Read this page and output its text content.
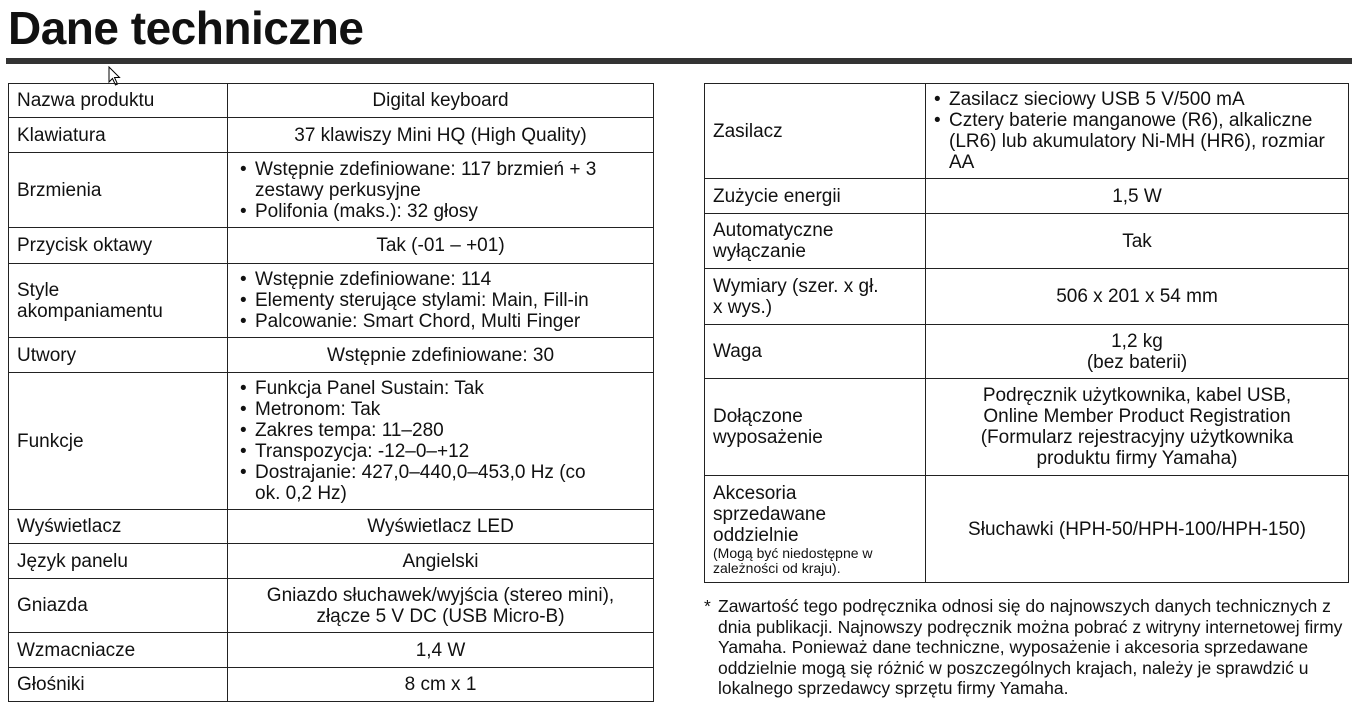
Dane techniczne
Nazwa produktu	Digital keyboard
Klawiatura	37 klawiszy Mini HQ (High Quality)
Brzmienia	• Wstępnie zdefiniowane: 117 brzmień + 3 zestawy perkusyjne
• Polifonia (maks.): 32 głosy

Przycisk oktawy	Tak (-01 – +01)

Style akompaniamentu	• Wstępnie zdefiniowane: 114
• Elementy sterujące stylami: Main, Fill-in
• Palcowanie: Smart Chord, Multi Finger

Utwory	Wstępnie zdefiniowane: 30
Funkcje	• Funkcja Panel Sustain: Tak
• Metronom: Tak
• Zakres tempa: 11–280
• Transpozycja: -12–0–+12
• Dostrajanie: 427,0–440,0–453,0 Hz (co ok. 0,2 Hz)

Wyświetlacz	Wyświetlacz LED
Język panelu	Angielski
Gniazda	Gniazdo słuchawek/wyjścia (stereo mini),
złącze 5 V DC (USB Micro-B)

Wzmacniacze	1,4 W
Głośniki	8 cm x 1
Zasilacz	• Zasilacz sieciowy USB 5 V/500 mA
• Cztery baterie manganowe (R6), alkaliczne (LR6) lub akumulatory Ni-MH (HR6), rozmiar AA

Zużycie energii	1,5 W

Automatyczne wyłączanie	Tak

Wymiary (szer. x gł. x wys.)	506 x 201 x 54 mm
Waga	1,2 kg
(bez baterii)

Dołączone wyposażenie	Podręcznik użytkownika, kabel USB,
Online Member Product Registration
(Formularz rejestracyjny użytkownika
produktu firmy Yamaha)

Akcesoria sprzedawane oddzielnie
(Mogą być niedostępne w zależności od kraju).	Słuchawki (HPH-50/HPH-100/HPH-150)
* Zawartość tego podręcznika odnosi się do najnowszych danych technicznych z dnia publikacji. Najnowszy podręcznik można pobrać z witryny internetowej firmy Yamaha. Ponieważ dane techniczne, wyposażenie i akcesoria sprzedawane oddzielnie mogą się różnić w poszczególnych krajach, należy je sprawdzić u lokalnego sprzedawcy sprzętu firmy Yamaha.
